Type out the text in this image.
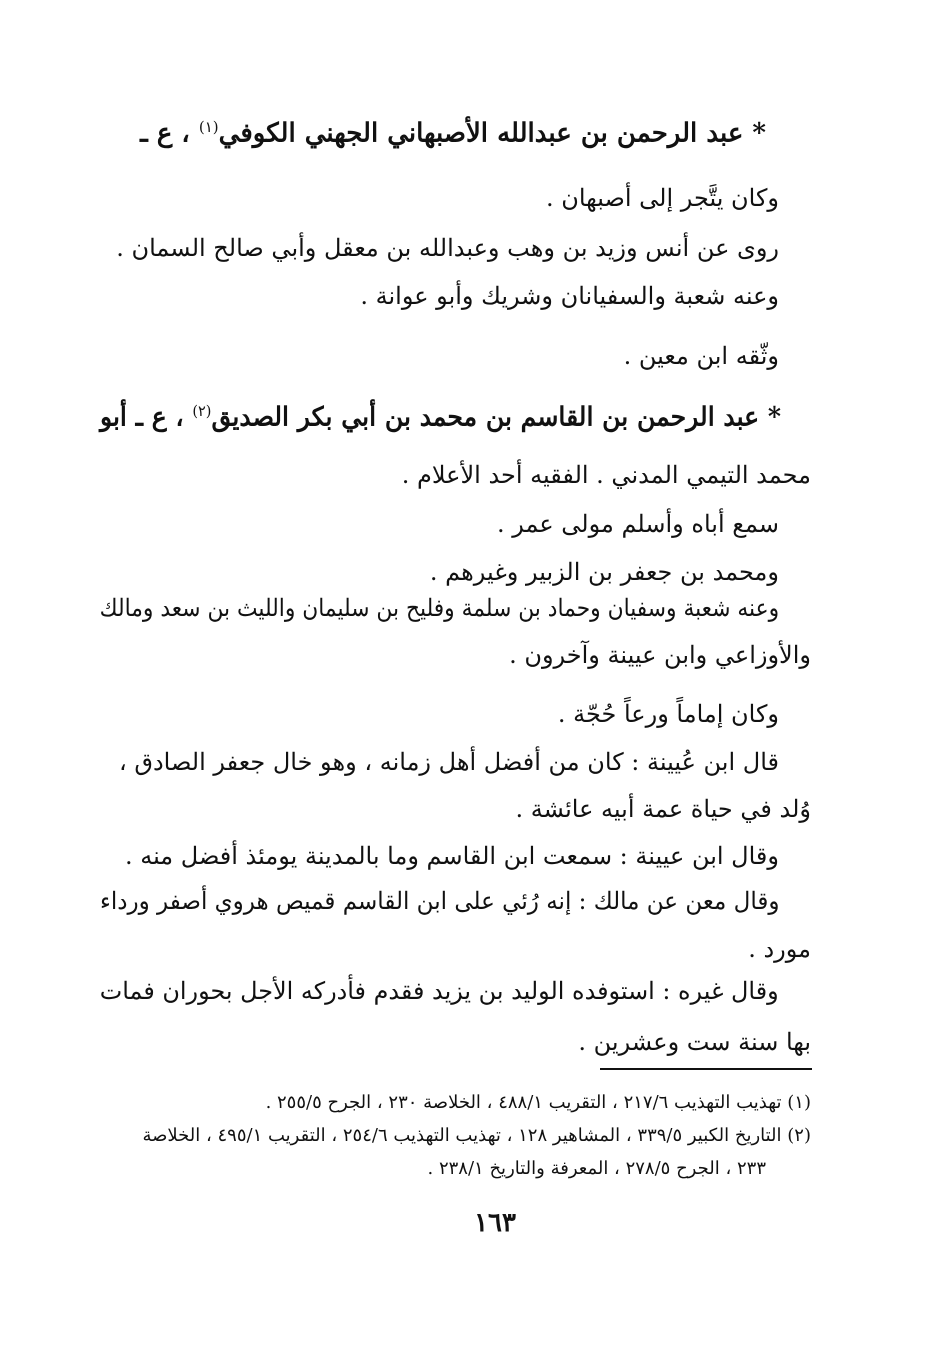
* عبد الرحمن بن عبدالله الأصبهاني الجهني الكوفي$^{(١)}$ ، ع ـ
وكان يتَّجر إلى أصبهان .
روى عن أنس وزيد بن وهب وعبدالله بن معقل وأبي صالح السمان .
وعنه شعبة والسفيانان وشريك وأبو عوانة .
وثّقه ابن معين .
* عبد الرحمن بن القاسم بن محمد بن أبي بكر الصديق$^{(٢)}$ ، ع ـ أبو
محمد التيمي المدني . الفقيه أحد الأعلام .
سمع أباه وأسلم مولى عمر .
ومحمد بن جعفر بن الزبير وغيرهم .
وعنه شعبة وسفيان وحماد بن سلمة وفليح بن سليمان والليث بن سعد ومالك
والأوزاعي وابن عيينة وآخرون .
وكان إماماً ورعاً حُجّة .
قال ابن عُيينة : كان من أفضل أهل زمانه ، وهو خال جعفر الصادق ،
وُلد في حياة عمة أبيه عائشة .
وقال ابن عيينة : سمعت ابن القاسم وما بالمدينة يومئذ أفضل منه .
وقال معن عن مالك : إنه رُئي على ابن القاسم قميص هروي أصفر ورداء
مورد .
وقال غيره : استوفده الوليد بن يزيد فقدم فأدركه الأجل بحوران فمات
بها سنة ست وعشرين .
(١) تهذيب التهذيب ٢١٧/٦ ، التقريب ٤٨٨/١ ، الخلاصة ٢٣٠ ، الجرح ٢٥٥/٥ .
(٢) التاريخ الكبير ٣٣٩/٥ ، المشاهير ١٢٨ ، تهذيب التهذيب ٢٥٤/٦ ، التقريب ٤٩٥/١ ، الخلاصة
٢٣٣ ، الجرح ٢٧٨/٥ ، المعرفة والتاريخ ٢٣٨/١ .
١٦٣
